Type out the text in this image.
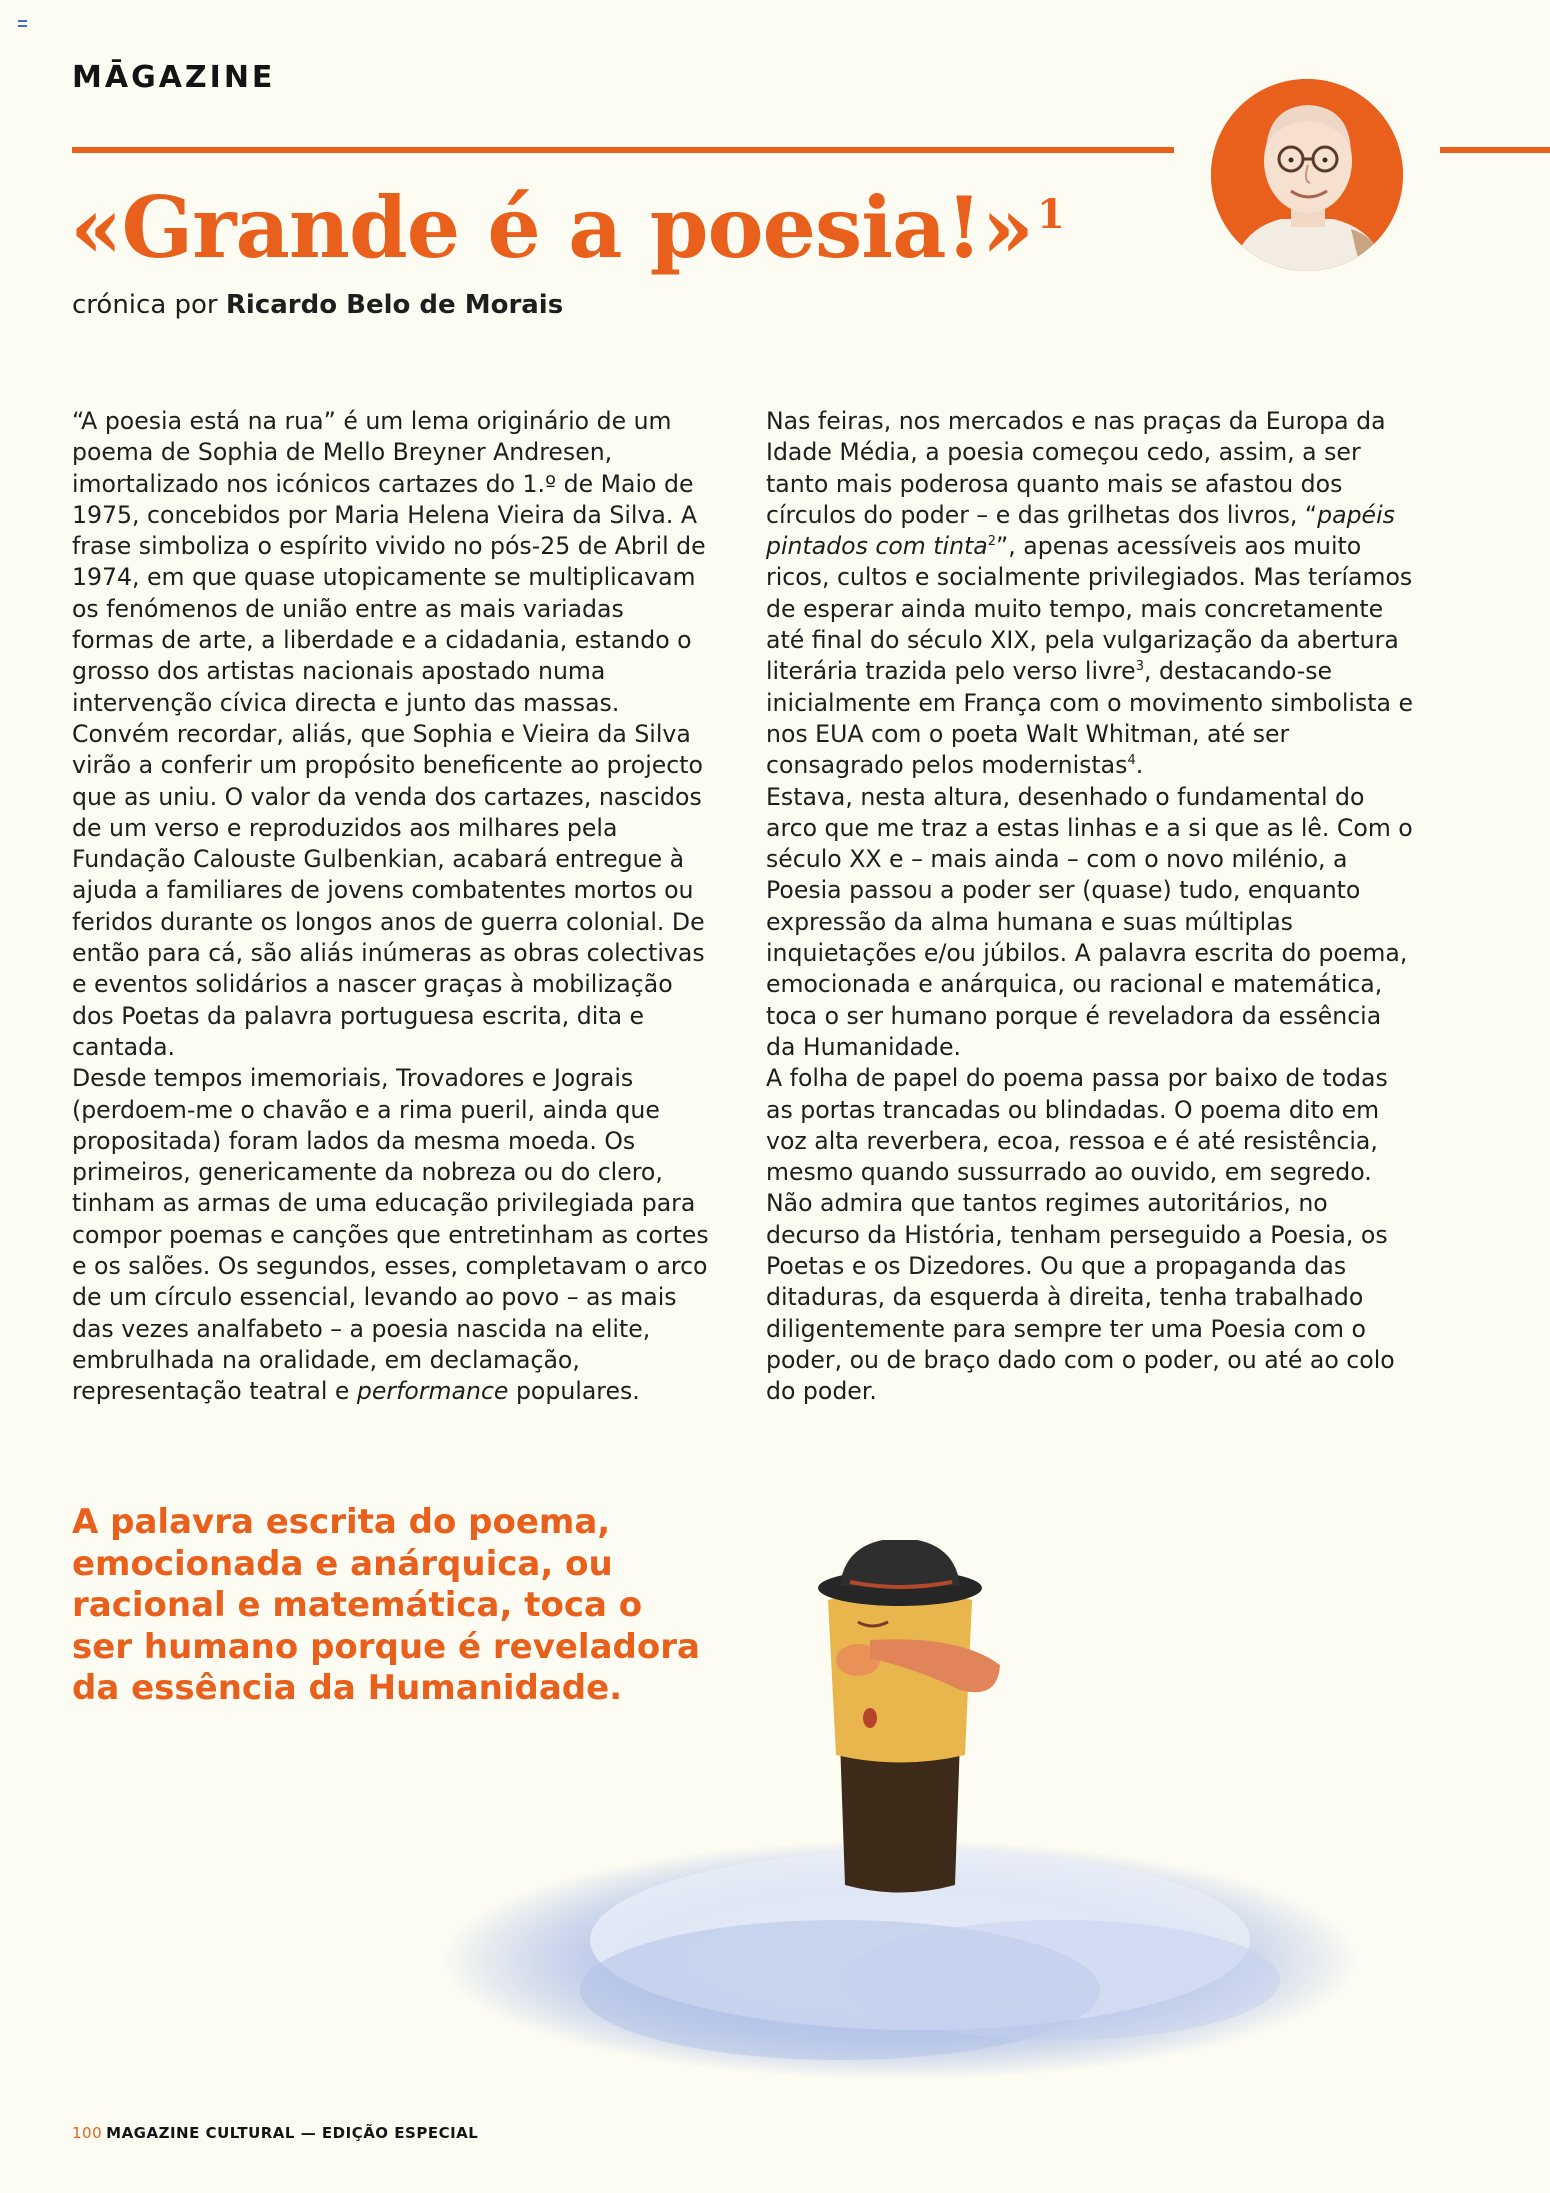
MĀGAZINE
«Grande é a poesia!» $^1$
crónica por Ricardo Belo de Morais

“A poesia está na rua” é um lema originário de um poema de Sophia de Mello Breyner Andresen, imortalizado nos icónicos cartazes do 1.º de Maio de 1975, concebidos por Maria Helena Vieira da Silva. A frase simboliza o espírito vivido no pós-25 de Abril de 1974, em que quase utopicamente se multiplicavam os fenómenos de união entre as mais variadas formas de arte, a liberdade e a cidadania, estando o grosso dos artistas nacionais apostado numa intervenção cívica directa e junto das massas.

Convém recordar, aliás, que Sophia e Vieira da Silva virão a conferir um propósito beneficente ao projecto que as uniu. O valor da venda dos cartazes, nascidos de um verso e reproduzidos aos milhares pela Fundação Calouste Gulbenkian, acabará entregue à ajuda a familiares de jovens combatentes mortos ou feridos durante os longos anos de guerra colonial. De então para cá, são aliás inúmeras as obras colectivas e eventos solidários a nascer graças à mobilização dos Poetas da palavra portuguesa escrita, dita e cantada.

Desde tempos imemoriais, Trovadores e Jograis (perdoem-me o chavão e a rima pueril, ainda que propositada) foram lados da mesma moeda. Os primeiros, genericamente da nobreza ou do clero, tinham as armas de uma educação privilegiada para compor poemas e canções que entretinham as cortes e os salões. Os segundos, esses, completavam o arco de um círculo essencial, levando ao povo – as mais das vezes analfabeto – a poesia nascida na elite, embrulhada na oralidade, em declamação, representação teatral e performance populares.

Nas feiras, nos mercados e nas praças da Europa da Idade Média, a poesia começou cedo, assim, a ser tanto mais poderosa quanto mais se afastou dos círculos do poder – e das grilhetas dos livros, “papéis pintados com tinta$^2$”, apenas acessíveis aos muito ricos, cultos e socialmente privilegiados. Mas teríamos de esperar ainda muito tempo, mais concretamente até final do século XIX, pela vulgarização da abertura literária trazida pelo verso livre$^3$, destacando-se inicialmente em França com o movimento simbolista e nos EUA com o poeta Walt Whitman, até ser consagrado pelos modernistas$^4$.

Estava, nesta altura, desenhado o fundamental do arco que me traz a estas linhas e a si que as lê. Com o século XX e – mais ainda – com o novo milénio, a Poesia passou a poder ser (quase) tudo, enquanto expressão da alma humana e suas múltiplas inquietações e/ou júbilos. A palavra escrita do poema, emocionada e anárquica, ou racional e matemática, toca o ser humano porque é reveladora da essência da Humanidade.

A folha de papel do poema passa por baixo de todas as portas trancadas ou blindadas. O poema dito em voz alta reverbera, ecoa, ressoa e é até resistência, mesmo quando sussurrado ao ouvido, em segredo. Não admira que tantos regimes autoritários, no decurso da História, tenham perseguido a Poesia, os Poetas e os Dizedores. Ou que a propaganda das ditaduras, da esquerda à direita, tenha trabalhado diligentemente para sempre ter uma Poesia com o poder, ou de braço dado com o poder, ou até ao colo do poder.

A palavra escrita do poema, emocionada e anárquica, ou racional e matemática, toca o ser humano porque é reveladora da essência da Humanidade.
100 MAGAZINE CULTURAL — EDIÇÃO ESPECIAL
